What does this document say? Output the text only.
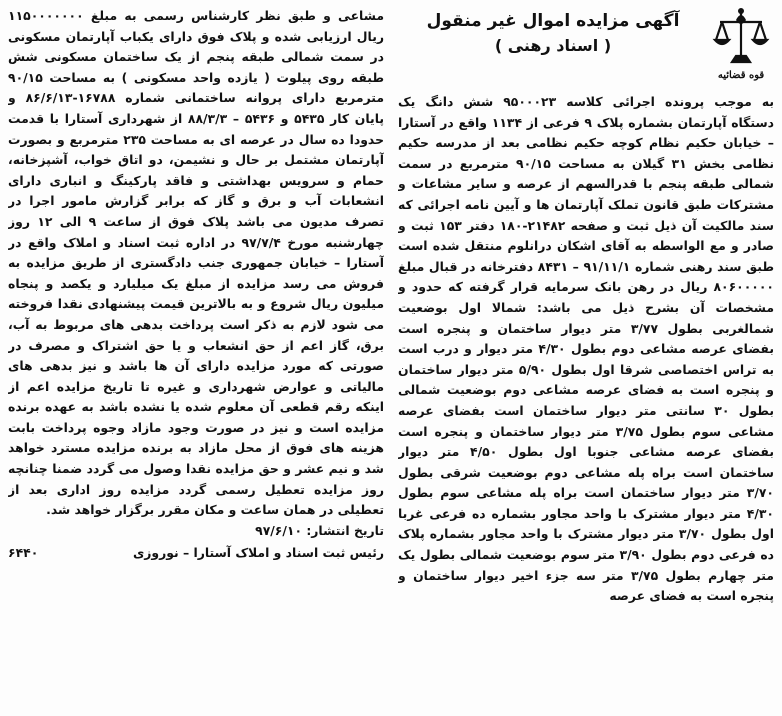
قوه قضائیه
آگهی مزایده اموال غیر منقول
( اسناد رهنی )

به موجب پرونده اجرائی کلاسه ۹۵۰۰۰۲۳ شش دانگ یک دستگاه آپارتمان بشماره پلاک ۹ فرعی از ۱۱۳۴ واقع در آستارا – خیابان حکیم نظام کوچه حکیم نظامی بعد از مدرسه حکیم نظامی بخش ۳۱ گیلان به مساحت ۹۰/۱۵ مترمربع در سمت شمالی طبقه پنجم با قدرالسهم از عرصه و سایر مشاعات و مشترکات طبق قانون تملک آپارتمان ها و آیین نامه اجرائی که سند مالکیت آن ذیل ثبت و صفحه ۲۱۴۸۲-۱۸۰ دفتر ۱۵۳ ثبت و صادر و مع الواسطه به آقای اشکان درانلوم منتقل شده است طبق سند رهنی شماره ۹۱/۱۱/۱ – ۸۴۳۱ دفترخانه در قبال مبلغ ۸۰۶۰۰۰۰۰ ریال در رهن بانک سرمایه قرار گرفته که حدود و مشخصات آن بشرح ذیل می باشد: شمالا اول بوضعیت شمالغربی بطول ۳/۷۷ متر دیوار ساختمان و پنجره است بفضای عرصه مشاعی دوم بطول ۴/۳۰ متر دیوار و درب است به تراس اختصاصی شرقا اول بطول ۵/۹۰ متر دیوار ساختمان و پنجره است به فضای عرصه مشاعی دوم بوضعیت شمالی بطول ۳۰ سانتی متر دیوار ساختمان است بفضای عرصه مشاعی سوم بطول ۳/۷۵ متر دیوار ساختمان و پنجره است بفضای عرصه مشاعی جنوبا اول بطول ۴/۵۰ متر دیوار ساختمان است براه پله مشاعی دوم بوضعیت شرقی بطول ۳/۷۰ متر دیوار ساختمان است براه پله مشاعی سوم بطول ۴/۳۰ متر دیوار مشترک با واحد مجاور بشماره ده فرعی غربا اول بطول ۳/۷۰ متر دیوار مشترک با واحد مجاور بشماره پلاک ده فرعی دوم بطول ۳/۹۰ متر سوم بوضعیت شمالی بطول یک متر چهارم بطول ۳/۷۵ متر سه جزء اخیر دیوار ساختمان و پنجره است به فضای عرصه

مشاعی و طبق نظر کارشناس رسمی به مبلغ ۱۱۵۰۰۰۰۰۰۰ ریال ارزیابی شده و پلاک فوق دارای یکباب آپارتمان مسکونی در سمت شمالی طبقه پنجم از یک ساختمان مسکونی شش طبقه روی پیلوت ( یازده واحد مسکونی ) به مساحت ۹۰/۱۵ مترمربع دارای پروانه ساختمانی شماره ۱۶۷۸۸-۸۶/۶/۱۳ و پایان کار ۵۴۳۵ و ۵۴۳۶ – ۸۸/۳/۳ از شهرداری آستارا با قدمت حدودا ده سال در عرصه ای به مساحت ۲۳۵ مترمربع و بصورت آپارتمان مشتمل بر حال و نشیمن، دو اتاق خواب، آشپزخانه، حمام و سرویس بهداشتی و فاقد پارکینگ و انباری دارای انشعابات آب و برق و گاز که برابر گزارش مامور اجرا در تصرف مدیون می باشد پلاک فوق از ساعت ۹ الی ۱۲ روز چهارشنبه مورخ ۹۷/۷/۴ در اداره ثبت اسناد و املاک واقع در آستارا – خیابان جمهوری جنب دادگستری از طریق مزایده به فروش می رسد مزایده از مبلغ یک میلیارد و یکصد و پنجاه میلیون ریال شروع و به بالاترین قیمت پیشنهادی نقدا فروخته می شود لازم به ذکر است پرداخت بدهی های مربوط به آب، برق، گاز اعم از حق انشعاب و یا حق اشتراک و مصرف در صورتی که مورد مزایده دارای آن ها باشد و نیز بدهی های مالیاتی و عوارض شهرداری و غیره تا تاریخ مزایده اعم از اینکه رقم قطعی آن معلوم شده یا نشده باشد به عهده برنده مزایده است و نیز در صورت وجود مازاد وجوه پرداخت بابت هزینه های فوق از محل مازاد به برنده مزایده مسترد خواهد شد و نیم عشر و حق مزایده نقدا وصول می گردد ضمنا چنانچه روز مزایده تعطیل رسمی گردد مزایده روز اداری بعد از تعطیلی در همان ساعت و مکان مقرر برگزار خواهد شد.

تاریخ انتشار: ۹۷/۶/۱۰
رئیس ثبت اسناد و املاک آستارا – نوروزی
۶۴۴۰
